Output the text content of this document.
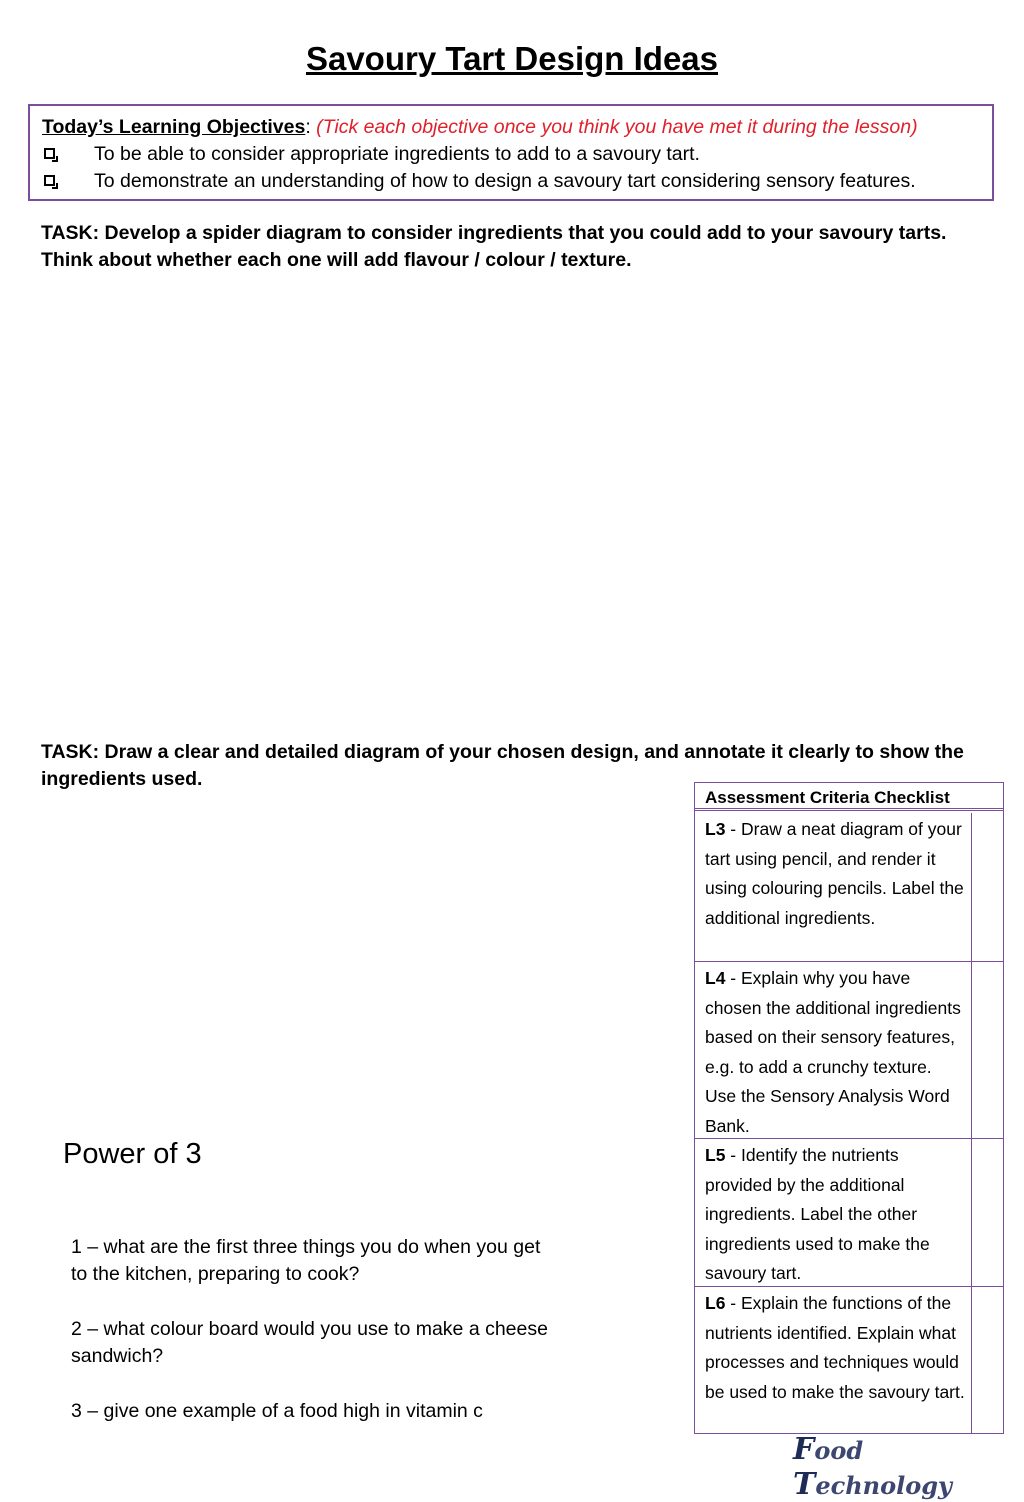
Savoury Tart Design Ideas
Today’s Learning Objectives: (Tick each objective once you think you have met it during the lesson)
To be able to consider appropriate ingredients to add to a savoury tart.
To demonstrate an understanding of how to design a savoury tart considering sensory features.
TASK: Develop a spider diagram to consider ingredients that you could add to your savoury tarts.
Think about whether each one will add flavour / colour / texture.
TASK: Draw a clear and detailed diagram of your chosen design, and annotate it clearly to show the
ingredients used.
Assessment Criteria Checklist
L3 - Draw a neat diagram of your tart using pencil, and render it using colouring pencils. Label the additional ingredients.
L4 - Explain why you have chosen the additional ingredients based on their sensory features, e.g. to add a crunchy texture. Use the Sensory Analysis Word Bank.
L5 - Identify the nutrients provided by the additional ingredients. Label the other ingredients used to make the savoury tart.
L6 - Explain the functions of the nutrients identified. Explain what processes and techniques would be used to make the savoury tart.
Power of 3
1 – what are the first three things you do when you get to the kitchen, preparing to cook?
2 – what colour board would you use to make a cheese sandwich?
3 – give one example of a food high in vitamin c
Food Technology
